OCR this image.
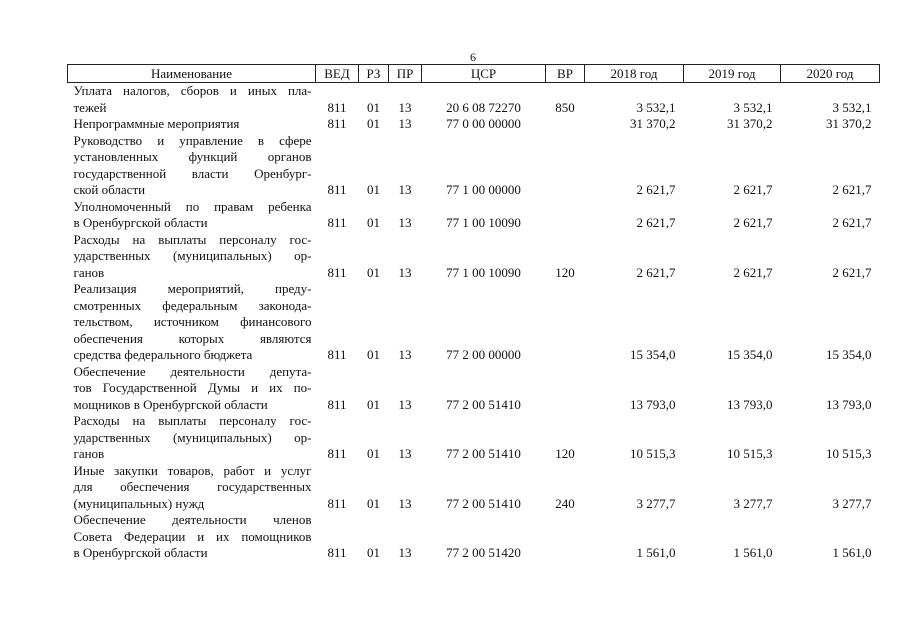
6
Наименование	ВЕД	РЗ	ПР	ЦСР	ВР	2018 год	2019 год	2020 год

Уплата налогов, сборов и иных пла-
тежей	811	01	13	20 6 08 72270	850	3 532,1	3 532,1	3 532,1

Непрограммные мероприятия	811	01	13	77 0 00 00000		31 370,2	31 370,2	31 370,2

Руководство и управление в сфере
установленных функций органов
государственной власти Оренбург-
ской области	811	01	13	77 1 00 00000		2 621,7	2 621,7	2 621,7

Уполномоченный по правам ребенка
в Оренбургской области	811	01	13	77 1 00 10090		2 621,7	2 621,7	2 621,7

Расходы на выплаты персоналу гос-
ударственных (муниципальных) ор-
ганов	811	01	13	77 1 00 10090	120	2 621,7	2 621,7	2 621,7

Реализация мероприятий, преду-
смотренных федеральным законода-
тельством, источником финансового
обеспечения которых являются
средства федерального бюджета	811	01	13	77 2 00 00000		15 354,0	15 354,0	15 354,0

Обеспечение деятельности депута-
тов Государственной Думы и их по-
мощников в Оренбургской области	811	01	13	77 2 00 51410		13 793,0	13 793,0	13 793,0

Расходы на выплаты персоналу гос-
ударственных (муниципальных) ор-
ганов	811	01	13	77 2 00 51410	120	10 515,3	10 515,3	10 515,3

Иные закупки товаров, работ и услуг
для обеспечения государственных
(муниципальных) нужд	811	01	13	77 2 00 51410	240	3 277,7	3 277,7	3 277,7

Обеспечение деятельности членов
Совета Федерации и их помощников
в Оренбургской области	811	01	13	77 2 00 51420		1 561,0	1 561,0	1 561,0
